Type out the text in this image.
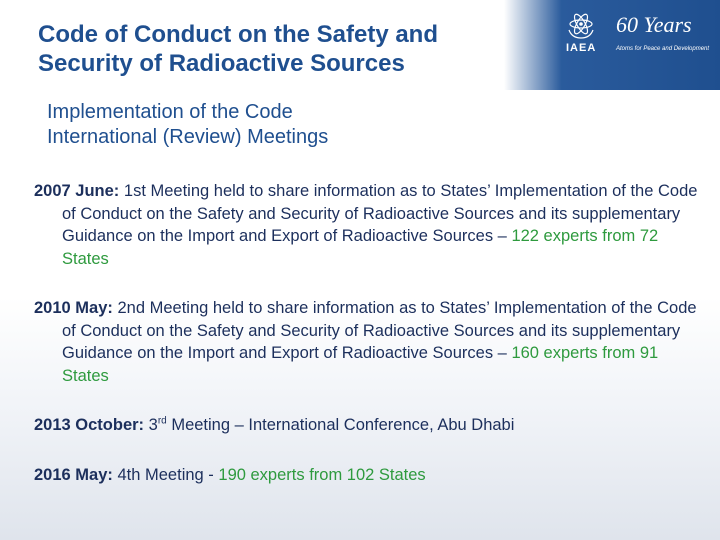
Code of Conduct on the Safety and
Security of Radioactive Sources
IAEA
60 Years
Atoms for Peace and Development
Implementation of the Code
International (Review) Meetings
2007 June: 1st Meeting held to share information as to States’ Implementation of the Code of Conduct on the Safety and Security of Radioactive Sources and its supplementary Guidance on the Import and Export of Radioactive Sources – 122 experts from 72 States
2010 May: 2nd Meeting held to share information as to States’ Implementation of the Code of Conduct on the Safety and Security of Radioactive Sources and its supplementary Guidance on the Import and Export of Radioactive Sources – 160 experts from 91 States
2013 October: 3rd Meeting – International Conference, Abu Dhabi
2016 May: 4th Meeting - 190 experts from 102 States
